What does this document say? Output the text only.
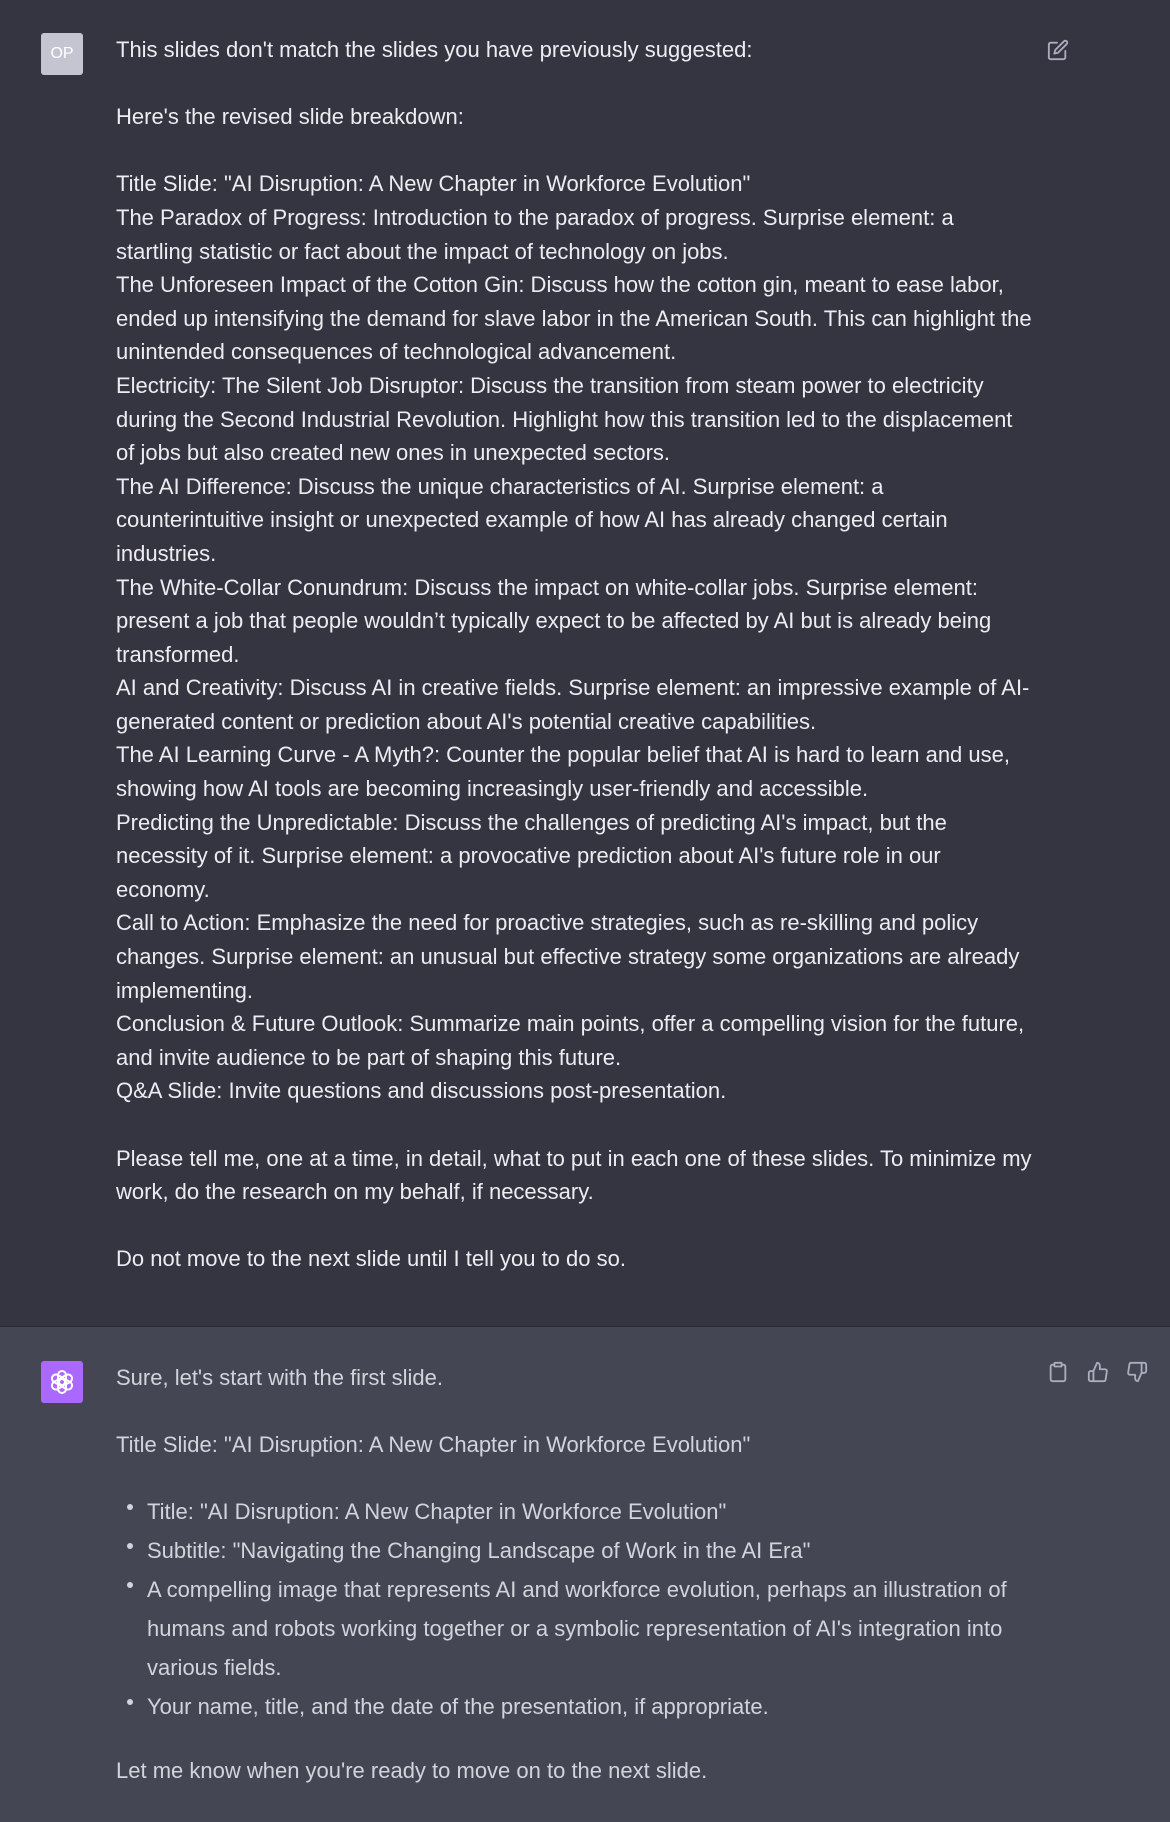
OP This slides don't match the slides you have previously suggested:

Here's the revised slide breakdown:

Title Slide: "AI Disruption: A New Chapter in Workforce Evolution"

The Paradox of Progress: Introduction to the paradox of progress. Surprise element: a startling statistic or fact about the impact of technology on jobs.

The Unforeseen Impact of the Cotton Gin: Discuss how the cotton gin, meant to ease labor, ended up intensifying the demand for slave labor in the American South. This can highlight the unintended consequences of technological advancement.

Electricity: The Silent Job Disruptor: Discuss the transition from steam power to electricity during the Second Industrial Revolution. Highlight how this transition led to the displacement of jobs but also created new ones in unexpected sectors.

The AI Difference: Discuss the unique characteristics of AI. Surprise element: a counterintuitive insight or unexpected example of how AI has already changed certain industries.

The White-Collar Conundrum: Discuss the impact on white-collar jobs. Surprise element: present a job that people wouldn’t typically expect to be affected by AI but is already being transformed.

AI and Creativity: Discuss AI in creative fields. Surprise element: an impressive example of AI-generated content or prediction about AI's potential creative capabilities.

The AI Learning Curve - A Myth?: Counter the popular belief that AI is hard to learn and use, showing how AI tools are becoming increasingly user-friendly and accessible.

Predicting the Unpredictable: Discuss the challenges of predicting AI's impact, but the necessity of it. Surprise element: a provocative prediction about AI's future role in our economy.

Call to Action: Emphasize the need for proactive strategies, such as re-skilling and policy changes. Surprise element: an unusual but effective strategy some organizations are already implementing.

Conclusion & Future Outlook: Summarize main points, offer a compelling vision for the future, and invite audience to be part of shaping this future.

Q&A Slide: Invite questions and discussions post-presentation.

Please tell me, one at a time, in detail, what to put in each one of these slides. To minimize my work, do the research on my behalf, if necessary.

Do not move to the next slide until I tell you to do so.

Sure, let's start with the first slide.

Title Slide: "AI Disruption: A New Chapter in Workforce Evolution"

Title: "AI Disruption: A New Chapter in Workforce Evolution"
Subtitle: "Navigating the Changing Landscape of Work in the AI Era"
A compelling image that represents AI and workforce evolution, perhaps an illustration of humans and robots working together or a symbolic representation of AI's integration into various fields.
Your name, title, and the date of the presentation, if appropriate.

Let me know when you're ready to move on to the next slide.
